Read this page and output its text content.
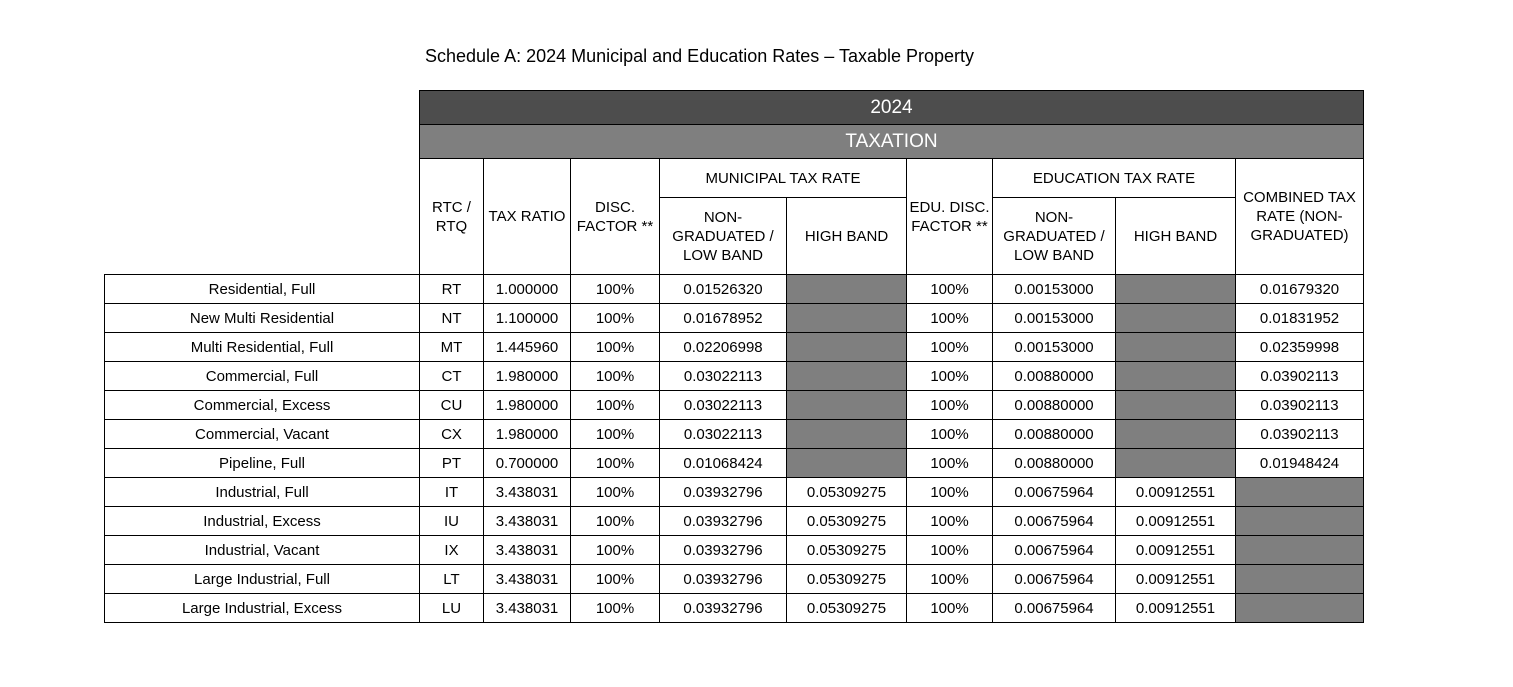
Schedule A: 2024 Municipal and Education Rates – Taxable Property
	2024								
	TAXATION								
	RTC / RTQ	TAX RATIO	DISC. FACTOR **	MUNICIPAL TAX RATE		EDU. DISC. FACTOR **	EDUCATION TAX RATE		COMBINED TAX RATE (NON- GRADUATED)
				NON- GRADUATED / LOW BAND	HIGH BAND		NON- GRADUATED / LOW BAND	HIGH BAND	
Residential, Full	RT	1.000000	100%	0.01526320		100%	0.00153000		0.01679320
New Multi Residential	NT	1.100000	100%	0.01678952		100%	0.00153000		0.01831952
Multi Residential, Full	MT	1.445960	100%	0.02206998		100%	0.00153000		0.02359998
Commercial, Full	CT	1.980000	100%	0.03022113		100%	0.00880000		0.03902113
Commercial, Excess	CU	1.980000	100%	0.03022113		100%	0.00880000		0.03902113
Commercial, Vacant	CX	1.980000	100%	0.03022113		100%	0.00880000		0.03902113
Pipeline, Full	PT	0.700000	100%	0.01068424		100%	0.00880000		0.01948424
Industrial, Full	IT	3.438031	100%	0.03932796	0.05309275	100%	0.00675964	0.00912551	
Industrial, Excess	IU	3.438031	100%	0.03932796	0.05309275	100%	0.00675964	0.00912551	
Industrial, Vacant	IX	3.438031	100%	0.03932796	0.05309275	100%	0.00675964	0.00912551	
Large Industrial, Full	LT	3.438031	100%	0.03932796	0.05309275	100%	0.00675964	0.00912551	
Large Industrial, Excess	LU	3.438031	100%	0.03932796	0.05309275	100%	0.00675964	0.00912551	
